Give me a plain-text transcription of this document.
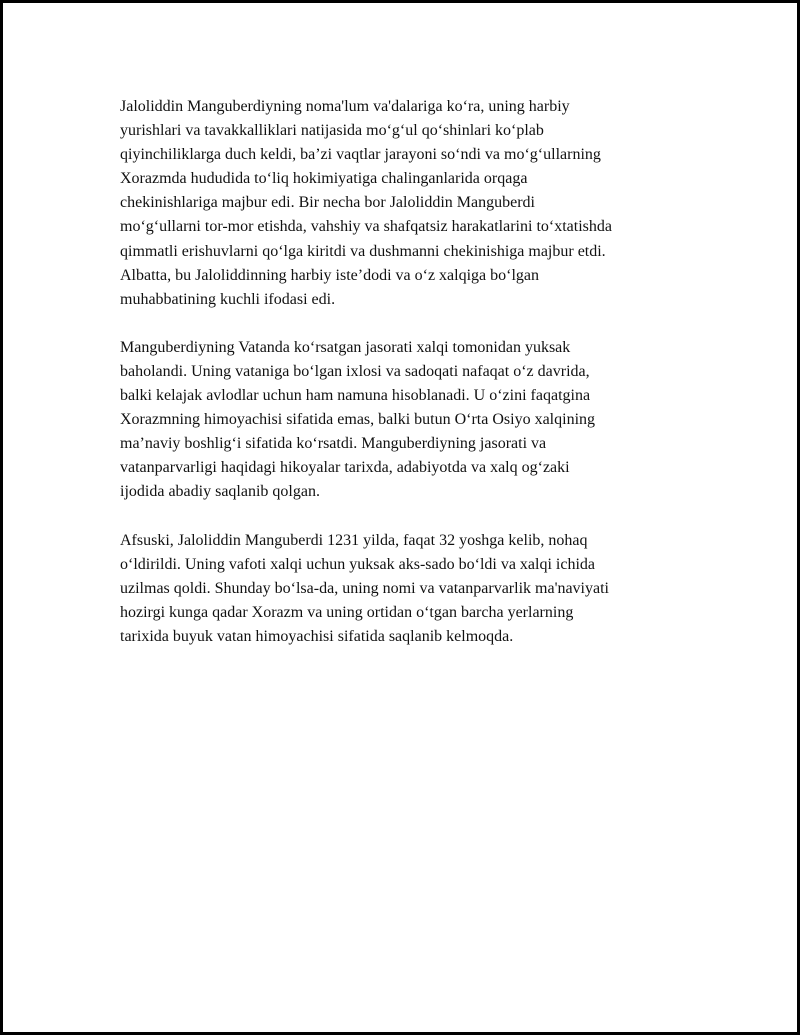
Jaloliddin Manguberdiyning noma'lum va'dalariga koʻra, uning harbiy
yurishlari va tavakkalliklari natijasida moʻgʻul qoʻshinlari koʻplab
qiyinchiliklarga duch keldi, baʼzi vaqtlar jarayoni soʻndi va moʻgʻullarning
Xorazmda hududida toʻliq hokimiyatiga chalinganlarida orqaga
chekinishlariga majbur edi. Bir necha bor Jaloliddin Manguberdi
moʻgʻullarni tor-mor etishda, vahshiy va shafqatsiz harakatlarini toʻxtatishda
qimmatli erishuvlarni qoʻlga kiritdi va dushmanni chekinishiga majbur etdi.
Albatta, bu Jaloliddinning harbiy isteʼdodi va oʻz xalqiga boʻlgan
muhabbatining kuchli ifodasi edi.

Manguberdiyning Vatanda koʻrsatgan jasorati xalqi tomonidan yuksak
baholandi. Uning vataniga boʻlgan ixlosi va sadoqati nafaqat oʻz davrida,
balki kelajak avlodlar uchun ham namuna hisoblanadi. U oʻzini faqatgina
Xorazmning himoyachisi sifatida emas, balki butun Oʻrta Osiyo xalqining
maʼnaviy boshligʻi sifatida koʻrsatdi. Manguberdiyning jasorati va
vatanparvarligi haqidagi hikoyalar tarixda, adabiyotda va xalq ogʻzaki
ijodida abadiy saqlanib qolgan.

Afsuski, Jaloliddin Manguberdi 1231 yilda, faqat 32 yoshga kelib, nohaq
oʻldirildi. Uning vafoti xalqi uchun yuksak aks-sado boʻldi va xalqi ichida
uzilmas qoldi. Shunday boʻlsa-da, uning nomi va vatanparvarlik ma'naviyati
hozirgi kunga qadar Xorazm va uning ortidan oʻtgan barcha yerlarning
tarixida buyuk vatan himoyachisi sifatida saqlanib kelmoqda.
